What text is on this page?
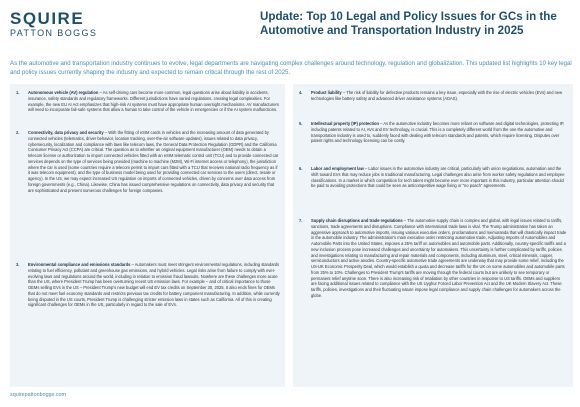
SQUIRE
PATTON BOGGS
Update: Top 10 Legal and Policy Issues for GCs in the Automotive and Transportation Industry in 2025

As the automotive and transportation industry continues to evolve, legal departments are navigating complex challenges around technology, regulation and globalization. This updated list highlights 10 key legal and policy issues currently shaping the industry and expected to remain critical through the rest of 2025.

1. Autonomous vehicle (AV) regulation – As self-driving cars become more common, legal questions arise about liability in accidents, insurance, safety standards and regulatory frameworks. Different jurisdictions have varied regulations, creating legal complexities. For example, the new EU AI Act emphasizes that high-risk AI systems must have appropriate human oversight mechanisms. AV manufacturers will need to incorporate fail-safe systems that allow a human to take control of the vehicle in emergencies or if the AI system malfunctions.
2. Connectivity, data privacy and security – With the fitting of eSIM cards in vehicles and the increasing amount of data generated by connected vehicles (telematics, driver behavior, location tracking, over-the-air software updates), issues related to data privacy, cybersecurity, localization and compliance with laws like telecom laws, the General Data Protection Regulation (GDPR) and the California Consumer Privacy Act (CCPA) are critical. The question as to whether an original equipment manufacturer (OEM) needs to obtain a telecom license or authorization to import connected vehicles fitted with an eSIM telematic control unit (TCU) and to provide connected car services depends on the type of services being provided (machine to machine (M2M), Wi-Fi internet access or telephony), the jurisdiction where the car is used (some countries require a telecom permit to import cars fitted with a TCU that receives national radio frequency as if it was telecom equipment), and the type of business model being used for providing connected car services to the users (direct, resale or agency). In the US, we may expect increased US regulation on imports of connected vehicles, driven by concerns over data access from foreign governments (e.g., China). Likewise, China has issued comprehensive regulations on connectivity, data privacy and security that are sophisticated and present numerous challenges for foreign companies.
3. Environmental compliance and emissions standards – Automakers must meet stringent environmental regulations, including standards relating to fuel efficiency, pollutant and greenhouse gas emissions, and hybrid vehicles. Legal risks arise from failure to comply with ever-evolving laws and regulations around the world, including in relation to emission fraud lawsuits. Nowhere are these challenges more acute than the US, where President Trump has been overturning recent US emission laws. For example – and of critical importance to those OEMs selling EVs in the US – President Trump's new budget will end EV tax credits on September 30, 2025. It also ends fines for OEMs that do not meet fuel economy standards and restricts previous tax credits for battery component manufacturing. In addition, while currently being disputed in the US courts, President Trump is challenging stricter emission laws in states such as California. All of this is creating significant challenges for OEMs in the US, particularly in regard to the sale of EVs.
4. Product liability – The risk of liability for defective products remains a key issue, especially with the rise of electric vehicles (EVs) and new technologies like battery safety and advanced driver assistance systems (ADAS).
5. Intellectual property (IP) protection – As the automotive industry becomes more reliant on software and digital technologies, protecting IP, including patents related to AI, AVs and EV technology, is crucial. This is a completely different world from the one the automotive and transportation industry is used to, suddenly faced with dealing with telecom standards and patents, which require licensing. Disputes over patent rights and technology licensing can be costly.
6. Labor and employment law – Labor issues in the automotive industry are critical, particularly with union negotiations, automation and the shift toward EVs that may reduce jobs in traditional manufacturing. Legal challenges also arise from worker safety regulations and employee classifications. In a market in which competition for tech talent might become ever more important in this industry, particular attention should be paid to avoiding protections that could be seen as anticompetitive wage fixing or "no poach" agreements.
7. Supply chain disruptions and trade regulations – The automotive supply chain is complex and global, with legal issues related to tariffs, sanctions, trade agreements and disruptions. Compliance with international trade laws is vital. The Trump administration has taken an aggressive approach to automotive imports, issuing various executive orders, proclamations and memoranda that will drastically impact trade in the automobile industry. The administration's main executive order restricting automotive trade, Adjusting Imports of Automobiles and Automobile Parts into the United States, imposes a 25% tariff on automobiles and automobile parts. Additionally, country-specific tariffs and a new inclusion process pose increased challenges and uncertainty for automakers. This uncertainty is further complicated by tariffs, policies and investigations relating to manufacturing and repair materials and components, including aluminum, steel, critical minerals, copper, semiconductors and active anodes. Country-specific automotive trade agreements are underway that may provide some relief, including the US-UK Economic Prosperity Deal, which would establish a quota and decrease tariffs for the UK on some automobiles and automobile parts from 25% to 10%. Challenges to President Trump's tariffs are moving through the federal courts but are unlikely to see temporary or permanent relief anytime soon. There is also increasing risk of retaliation by other countries in response to US tariffs. OEMs and suppliers are facing additional issues related to compliance with the US Uyghur Forced Labor Prevention Act and the UK Modern Slavery Act. These tariffs, policies, investigations and their fluctuating nature impose legal compliance and supply chain challenges for automakers across the globe.
squirepattonboggs.com
